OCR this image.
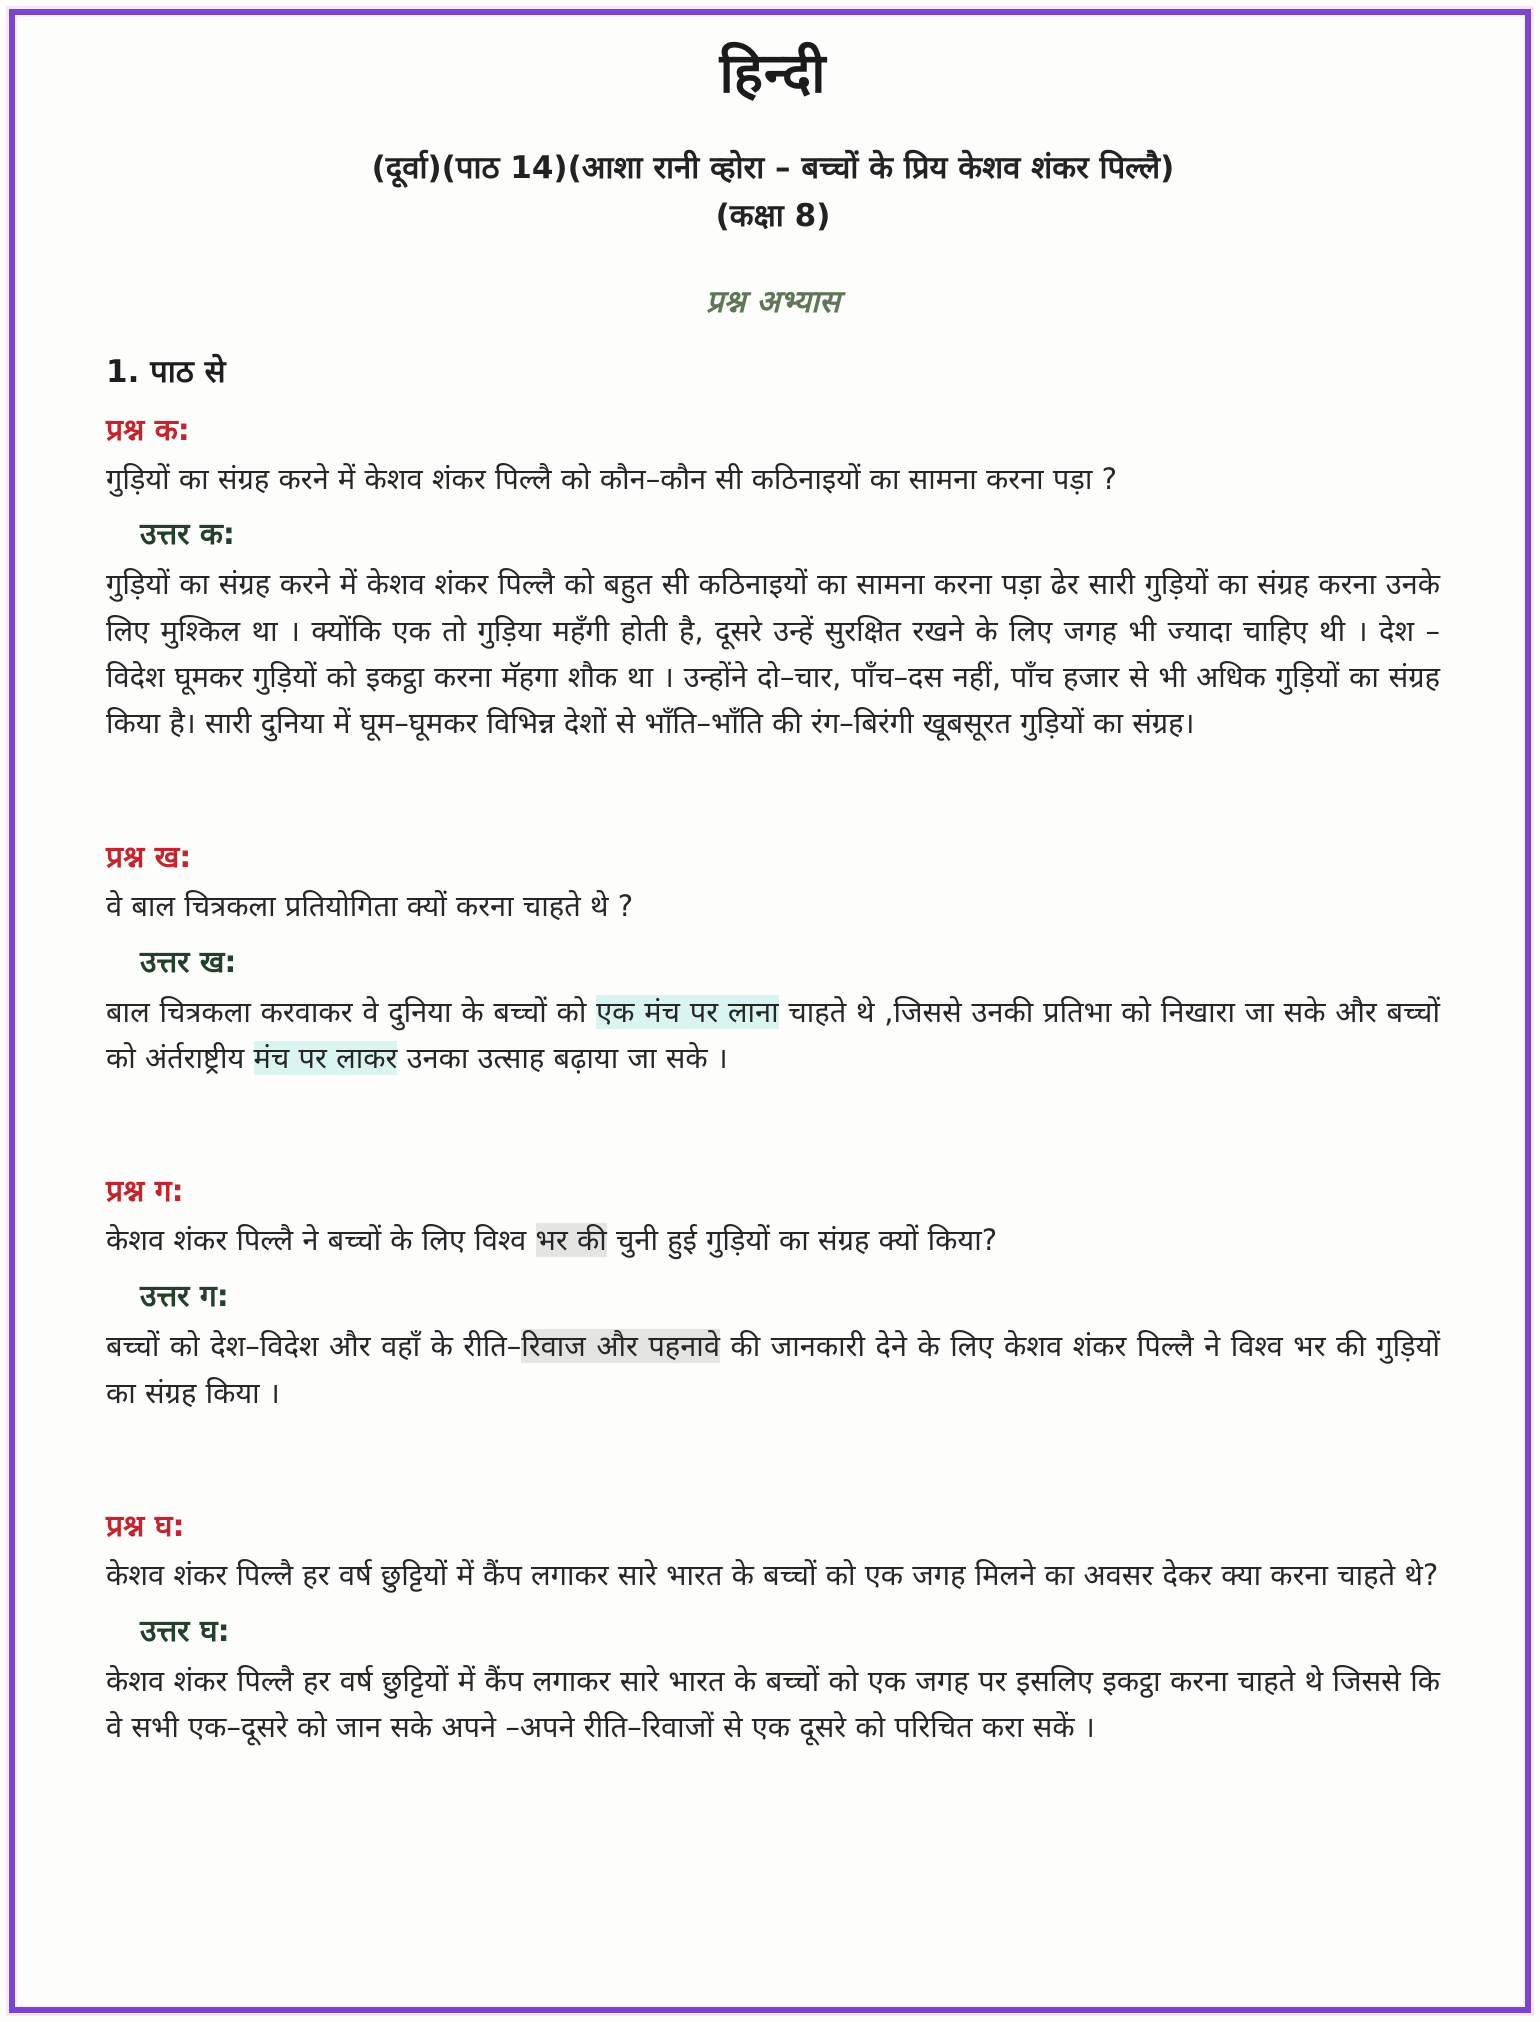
हिन्दी

(दूर्वा)(पाठ 14)(आशा रानी व्होरा – बच्चों के प्रिय केशव शंकर पिल्लै)

(कक्षा 8)

प्रश्न अभ्यास

1. पाठ से

प्रश्न क:

गुड़ियों का संग्रह करने में केशव शंकर पिल्लै को कौन–कौन सी कठिनाइयों का सामना करना पड़ा ?

उत्तर क:

गुड़ियों का संग्रह करने में केशव शंकर पिल्लै को बहुत सी कठिनाइयों का सामना करना पड़ा ढेर सारी गुड़ियों का संग्रह करना उनके लिए मुश्किल था । क्योंकि एक तो गुड़िया महँगी होती है, दूसरे उन्हें सुरक्षित रखने के लिए जगह भी ज्यादा चाहिए थी । देश –विदेश घूमकर गुड़ियों को इकट्ठा करना मॅहगा शौक था । उन्होंने दो–चार, पाँच–दस नहीं, पाँच हजार से भी अधिक गुड़ियों का संग्रह किया है। सारी दुनिया में घूम–घूमकर विभिन्न देशों से भाँति–भाँति की रंग–बिरंगी खूबसूरत गुड़ियों का संग्रह।

प्रश्न ख:

वे बाल चित्रकला प्रतियोगिता क्यों करना चाहते थे ?

उत्तर ख:

बाल चित्रकला करवाकर वे दुनिया के बच्चों को एक मंच पर लाना चाहते थे ,जिससे उनकी प्रतिभा को निखारा जा सके और बच्चों को अंर्तराष्ट्रीय मंच पर लाकर उनका उत्साह बढ़ाया जा सके ।

प्रश्न ग:

केशव शंकर पिल्लै ने बच्चों के लिए विश्व भर की चुनी हुई गुड़ियों का संग्रह क्यों किया?

उत्तर ग:

बच्चों को देश–विदेश और वहाँ के रीति–रिवाज और पहनावे की जानकारी देने के लिए केशव शंकर पिल्लै ने विश्व भर की गुड़ियों का संग्रह किया ।

प्रश्न घ:

केशव शंकर पिल्लै हर वर्ष छुट्टियों में कैंप लगाकर सारे भारत के बच्चों को एक जगह मिलने का अवसर देकर क्या करना चाहते थे?

उत्तर घ:

केशव शंकर पिल्लै हर वर्ष छुट्टियों में कैंप लगाकर सारे भारत के बच्चों को एक जगह पर इसलिए इकट्ठा करना चाहते थे जिससे कि वे सभी एक–दूसरे को जान सके अपने –अपने रीति–रिवाजों से एक दूसरे को परिचित करा सकें ।
